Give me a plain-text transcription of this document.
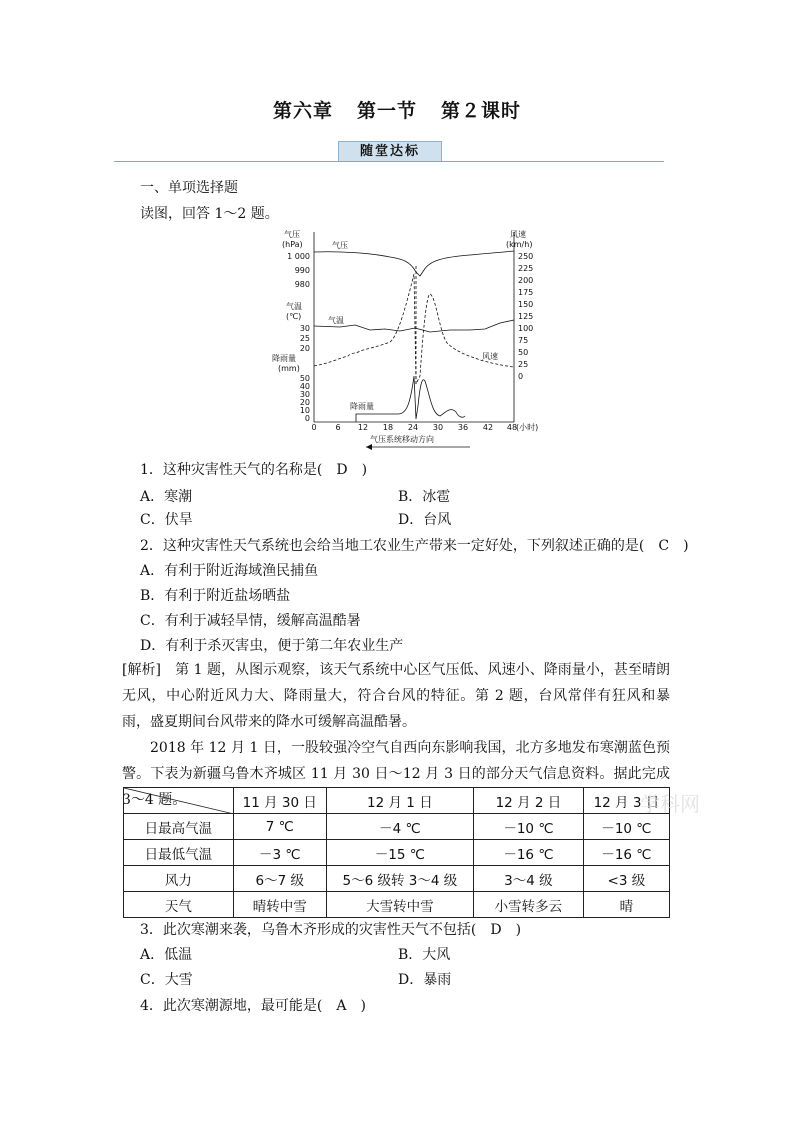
第六章 第一节 第２课时
随堂达标
一、单项选择题
读图，回答 1～2 题。
气压
(hPa)
1 000
990
980
气温
(℃)
30
25
20
降雨量
(mm)
50
40
30
20
10
0
风速
(km/h)
250
225
200
175
150
125
100
75
50
25
0
0 6 12 18 24 30 36 42 48
(小时)
气压
气温
风速
降雨量
气压系统移动方向
1．这种灾害性天气的名称是(　D　)
A．寒潮	B．冰雹
C．伏旱	D．台风
2．这种灾害性天气系统也会给当地工农业生产带来一定好处，下列叙述正确的是(　C　)
A．有利于附近海域渔民捕鱼
B．有利于附近盐场晒盐
C．有利于减轻旱情，缓解高温酷暑
D．有利于杀灭害虫，便于第二年农业生产
[解析]　第 1 题，从图示观察，该天气系统中心区气压低、风速小、降雨量小，甚至晴朗无风，中心附近风力大、降雨量大，符合台风的特征。第 2 题，台风常伴有狂风和暴雨，盛夏期间台风带来的降水可缓解高温酷暑。
2018 年 12 月 1 日，一股较强冷空气自西向东影响我国，北方多地发布寒潮蓝色预警。下表为新疆乌鲁木齐城区 11 月 30 日～12 月 3 日的部分天气信息资料。据此完成 3～4 题。
		11 月 30 日	12 月 1 日	12 月 2 日	12 月 3 日
日最高气温	7 ℃	－4 ℃	－10 ℃	－10 ℃
日最低气温	－3 ℃	－15 ℃	－16 ℃	－16 ℃
风力	6～7 级	5～6 级转 3～4 级	3～4 级	<3 级
天气	晴转中雪	大雪转中雪	小雪转多云	晴
学科网
3．此次寒潮来袭，乌鲁木齐形成的灾害性天气不包括(　D　)
A．低温	B．大风
C．大雪	D．暴雨
4．此次寒潮源地，最可能是(　A　)
